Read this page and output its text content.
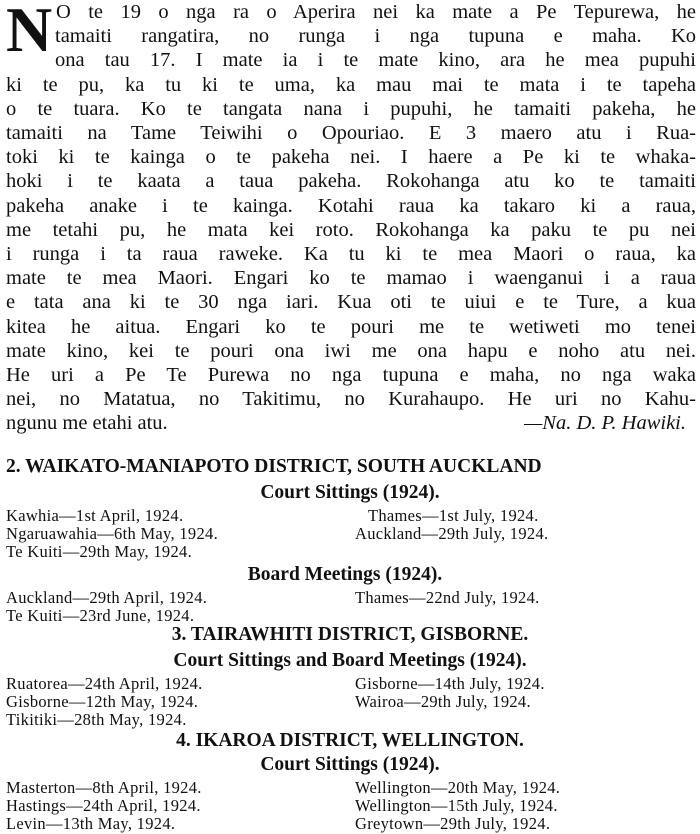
N O te 19 o nga ra o Aperira nei ka mate a Pe Tepurewa, he
tamaiti rangatira, no runga i nga tupuna e maha. Ko
ona tau 17. I mate ia i te mate kino, ara he mea pupuhi
ki te pu, ka tu ki te uma, ka mau mai te mata i te tapeha
o te tuara. Ko te tangata nana i pupuhi, he tamaiti pakeha, he
tamaiti na Tame Teiwihi o Opouriao. E 3 maero atu i Rua-
toki ki te kainga o te pakeha nei. I haere a Pe ki te whaka-
hoki i te kaata a taua pakeha. Rokohanga atu ko te tamaiti
pakeha anake i te kainga. Kotahi raua ka takaro ki a raua,
me tetahi pu, he mata kei roto. Rokohanga ka paku te pu nei
i runga i ta raua raweke. Ka tu ki te mea Maori o raua, ka
mate te mea Maori. Engari ko te mamao i waenganui i a raua
e tata ana ki te 30 nga iari. Kua oti te uiui e te Ture, a kua
kitea he aitua. Engari ko te pouri me te wetiweti mo tenei
mate kino, kei te pouri ona iwi me ona hapu e noho atu nei.
He uri a Pe Te Purewa no nga tupuna e maha, no nga waka
nei, no Matatua, no Takitimu, no Kurahaupo. He uri no Kahu-
ngunu me etahi atu.	—Na. D. P. Hawiki.
2. WAIKATO-MANIAPOTO DISTRICT, SOUTH AUCKLAND
Court Sittings (1924).
Kawhia—1st April, 1924.
Ngaruawahia—6th May, 1924.
Te Kuiti—29th May, 1924.
Thames—1st July, 1924.
Auckland—29th July, 1924.
Board Meetings (1924).
Auckland—29th April, 1924.
Te Kuiti—23rd June, 1924.
Thames—22nd July, 1924.
3. TAIRAWHITI DISTRICT, GISBORNE.
Court Sittings and Board Meetings (1924).
Ruatorea—24th April, 1924.
Gisborne—12th May, 1924.
Tikitiki—28th May, 1924.
Gisborne—14th July, 1924.
Wairoa—29th July, 1924.
4. IKAROA DISTRICT, WELLINGTON.
Court Sittings (1924).
Masterton—8th April, 1924.
Hastings—24th April, 1924.
Levin—13th May, 1924.
Wellington—20th May, 1924.
Wellington—15th July, 1924.
Greytown—29th July, 1924.
